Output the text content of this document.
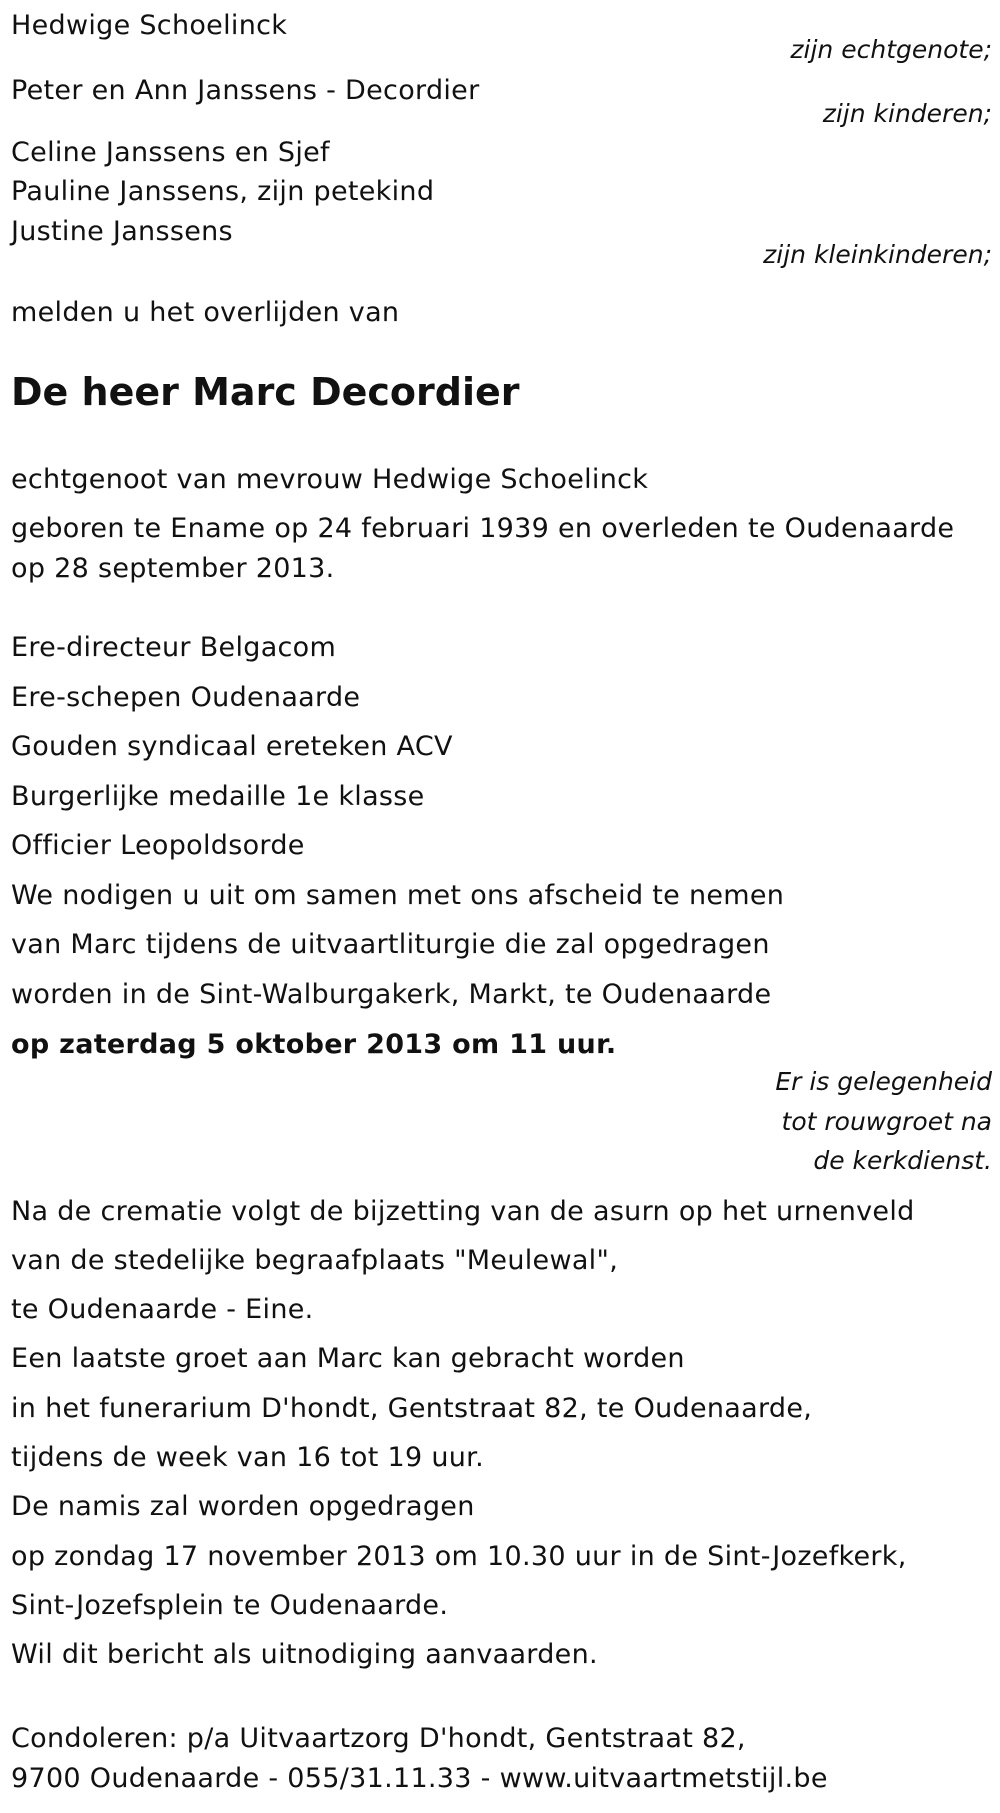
Hedwige Schoelinck
zijn echtgenote;
Peter en Ann Janssens - Decordier
zijn kinderen;
Celine Janssens en Sjef
Pauline Janssens, zijn petekind
Justine Janssens
zijn kleinkinderen;
melden u het overlijden van
De heer Marc Decordier
echtgenoot van mevrouw Hedwige Schoelinck
geboren te Ename op 24 februari 1939 en overleden te Oudenaarde
op 28 september 2013.
Ere-directeur Belgacom
Ere-schepen Oudenaarde
Gouden syndicaal ereteken ACV
Burgerlijke medaille 1e klasse
Officier Leopoldsorde
We nodigen u uit om samen met ons afscheid te nemen
van Marc tijdens de uitvaartliturgie die zal opgedragen
worden in de Sint-Walburgakerk, Markt, te Oudenaarde
op zaterdag 5 oktober 2013 om 11 uur.
Er is gelegenheid
tot rouwgroet na
de kerkdienst.
Na de crematie volgt de bijzetting van de asurn op het urnenveld
van de stedelijke begraafplaats "Meulewal",
te Oudenaarde - Eine.
Een laatste groet aan Marc kan gebracht worden
in het funerarium D'hondt, Gentstraat 82, te Oudenaarde,
tijdens de week van 16 tot 19 uur.
De namis zal worden opgedragen
op zondag 17 november 2013 om 10.30 uur in de Sint-Jozefkerk,
Sint-Jozefsplein te Oudenaarde.
Wil dit bericht als uitnodiging aanvaarden.
Condoleren: p/a Uitvaartzorg D'hondt, Gentstraat 82,
9700 Oudenaarde - 055/31.11.33 - www.uitvaartmetstijl.be
